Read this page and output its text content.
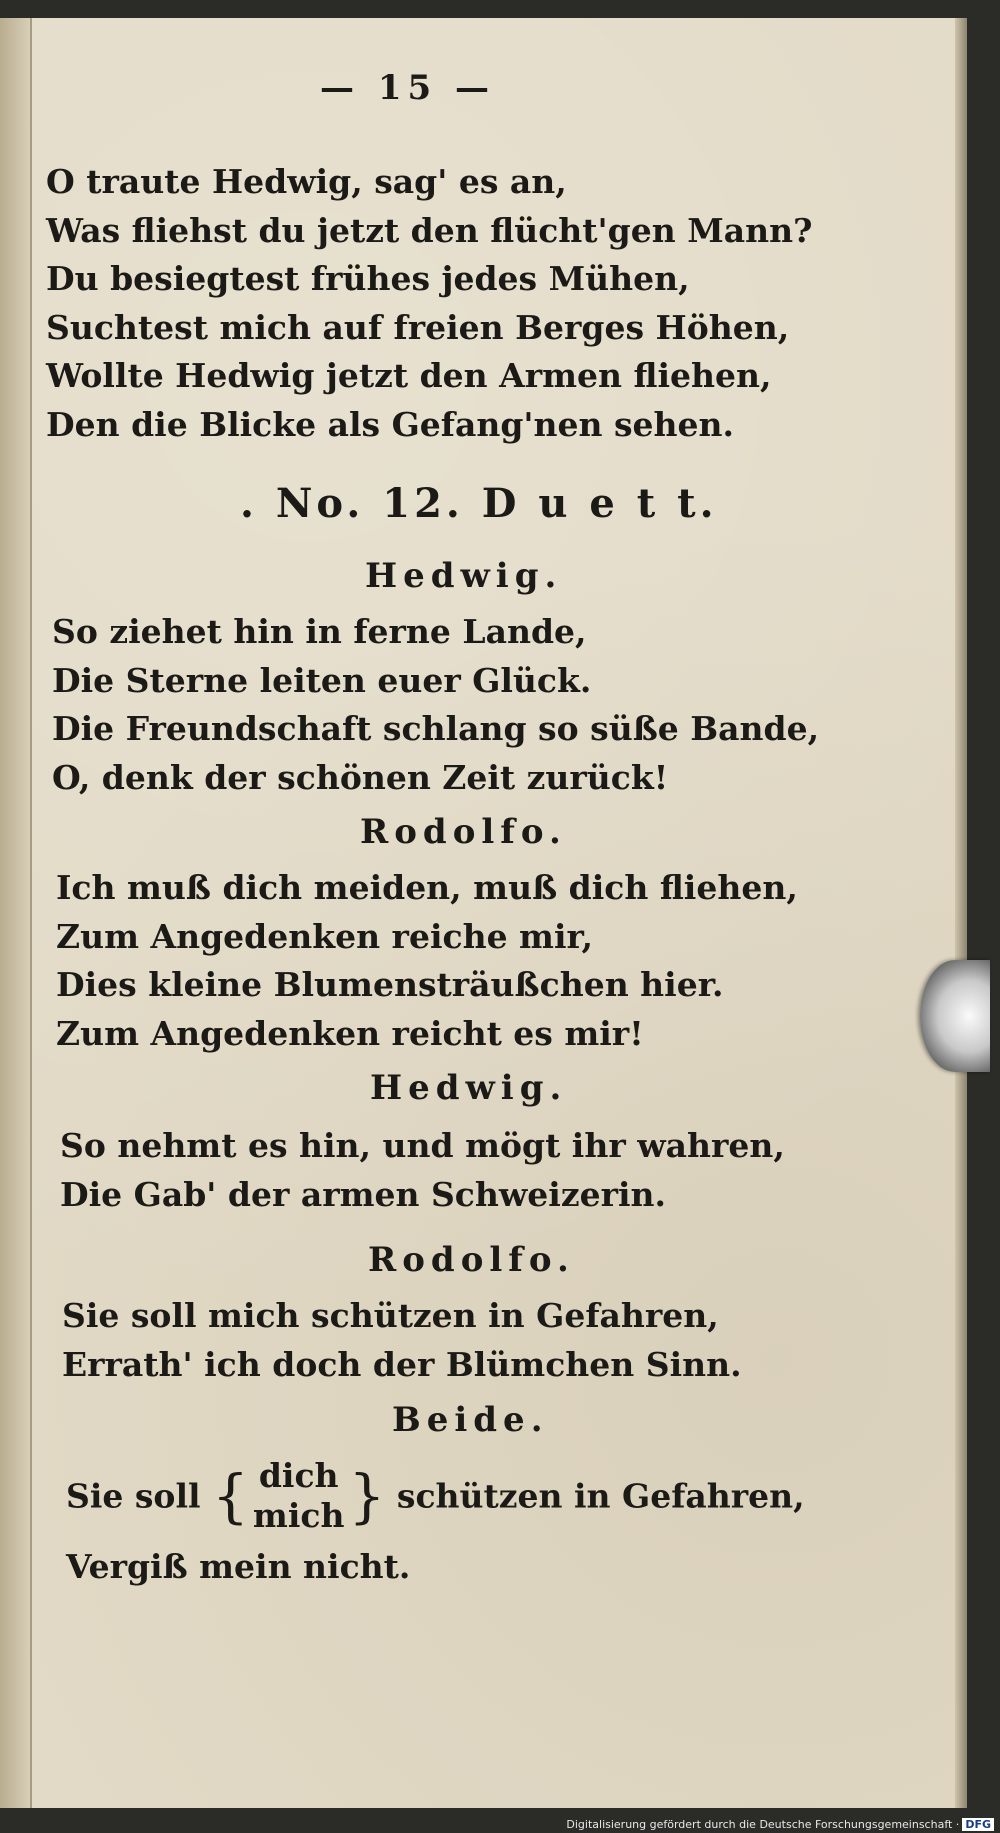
— 15 —
O traute Hedwig, sag' es an,
Was fliehst du jetzt den flücht'gen Mann?
Du besiegtest frühes jedes Mühen,
Suchtest mich auf freien Berges Höhen,
Wollte Hedwig jetzt den Armen fliehen,
Den die Blicke als Gefang'nen sehen.
. No. 12. D u e t t.
Hedwig.
So ziehet hin in ferne Lande,
Die Sterne leiten euer Glück.
Die Freundschaft schlang so süße Bande,
O, denk der schönen Zeit zurück!
Rodolfo.
Ich muß dich meiden, muß dich fliehen,
Zum Angedenken reiche mir,
Dies kleine Blumensträußchen hier.
Zum Angedenken reicht es mir!
Hedwig.
So nehmt es hin, und mögt ihr wahren,
Die Gab' der armen Schweizerin.
Rodolfo.
Sie soll mich schützen in Gefahren,
Errath' ich doch der Blümchen Sinn.
Beide.
Sie soll { dich
mich } schützen in Gefahren,
Vergiß mein nicht.
Digitalisierung gefördert durch die Deutsche Forschungsgemeinschaft · DFG
